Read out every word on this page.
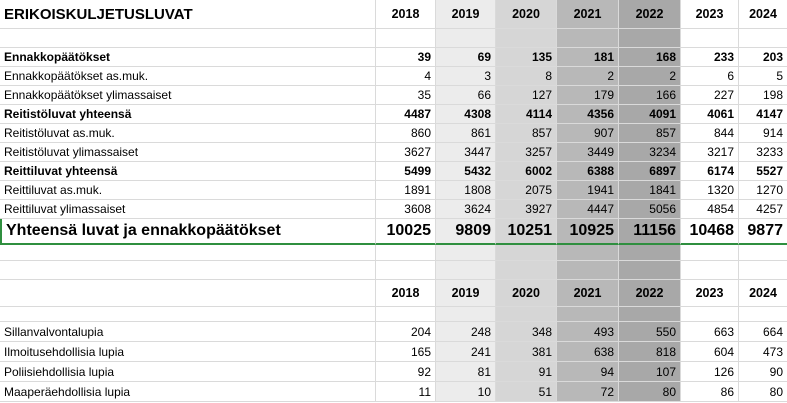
ERIKOISKULJETUSLUVAT	2018	2019	2020	2021	2022	2023	2024
Ennakkopäätökset	39	69	135	181	168	233	203
Ennakkopäätökset as.muk.	4	3	8	2	2	6	5
Ennakkopäätökset ylimassaiset	35	66	127	179	166	227	198
Reitistöluvat yhteensä	4487	4308	4114	4356	4091	4061	4147
Reitistöluvat as.muk.	860	861	857	907	857	844	914
Reitistöluvat ylimassaiset	3627	3447	3257	3449	3234	3217	3233
Reittiluvat yhteensä	5499	5432	6002	6388	6897	6174	5527
Reittiluvat as.muk.	1891	1808	2075	1941	1841	1320	1270
Reittiluvat ylimassaiset	3608	3624	3927	4447	5056	4854	4257
Yhteensä luvat ja ennakkopäätökset	10025	9809	10251	10925	11156 10468 9877
2018	2019	2020	2021	2022	2023	2024
Sillanvalvontalupia	204	248	348	493	550	663	664
Ilmoitusehdollisia lupia	165	241	381	638	818	604	473
Poliisiehdollisia lupia	92	81	91	94	107	126	90
Maaperäehdollisia lupia	11	10	51	72	80	86	80
